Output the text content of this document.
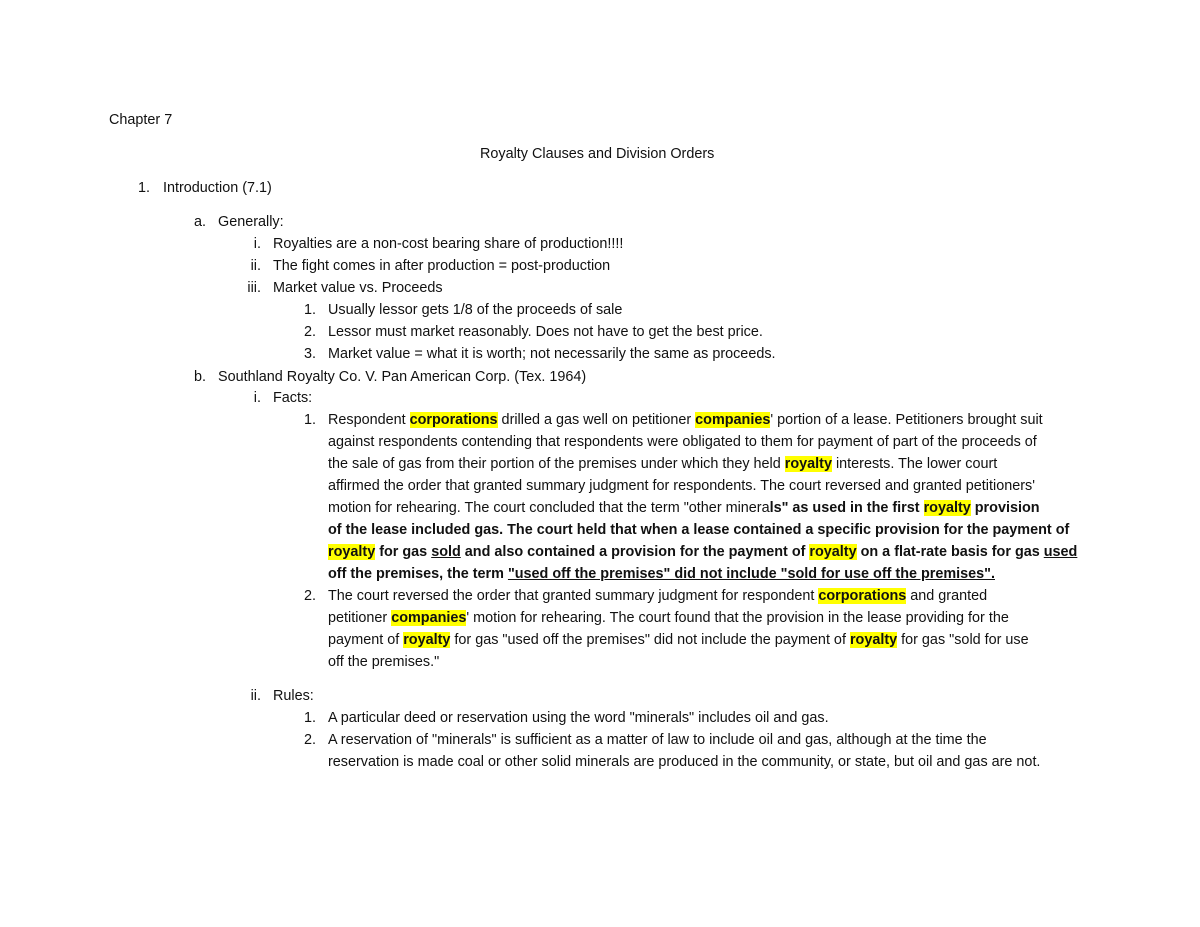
Chapter 7
Royalty Clauses and Division Orders
1. Introduction (7.1)
a. Generally:
i. Royalties are a non-cost bearing share of production!!!!
ii. The fight comes in after production = post-production
iii. Market value vs. Proceeds
1. Usually lessor gets 1/8 of the proceeds of sale
2. Lessor must market reasonably. Does not have to get the best price.
3. Market value = what it is worth; not necessarily the same as proceeds.
b. Southland Royalty Co. V. Pan American Corp. (Tex. 1964)
i. Facts:
1. Respondent corporations drilled a gas well on petitioner companies' portion of a lease. Petitioners brought suit
against respondents contending that respondents were obligated to them for payment of part of the proceeds of
the sale of gas from their portion of the premises under which they held royalty interests. The lower court
affirmed the order that granted summary judgment for respondents. The court reversed and granted petitioners'
motion for rehearing. The court concluded that the term "other minerals" as used in the first royalty provision
of the lease included gas. The court held that when a lease contained a specific provision for the payment of
royalty for gas sold and also contained a provision for the payment of royalty on a flat-rate basis for gas used
off the premises, the term "used off the premises" did not include "sold for use off the premises".
2. The court reversed the order that granted summary judgment for respondent corporations and granted
petitioner companies' motion for rehearing. The court found that the provision in the lease providing for the
payment of royalty for gas "used off the premises" did not include the payment of royalty for gas "sold for use
off the premises."
ii. Rules:
1. A particular deed or reservation using the word "minerals" includes oil and gas.
2. A reservation of "minerals" is sufficient as a matter of law to include oil and gas, although at the time the
reservation is made coal or other solid minerals are produced in the community, or state, but oil and gas are not.
